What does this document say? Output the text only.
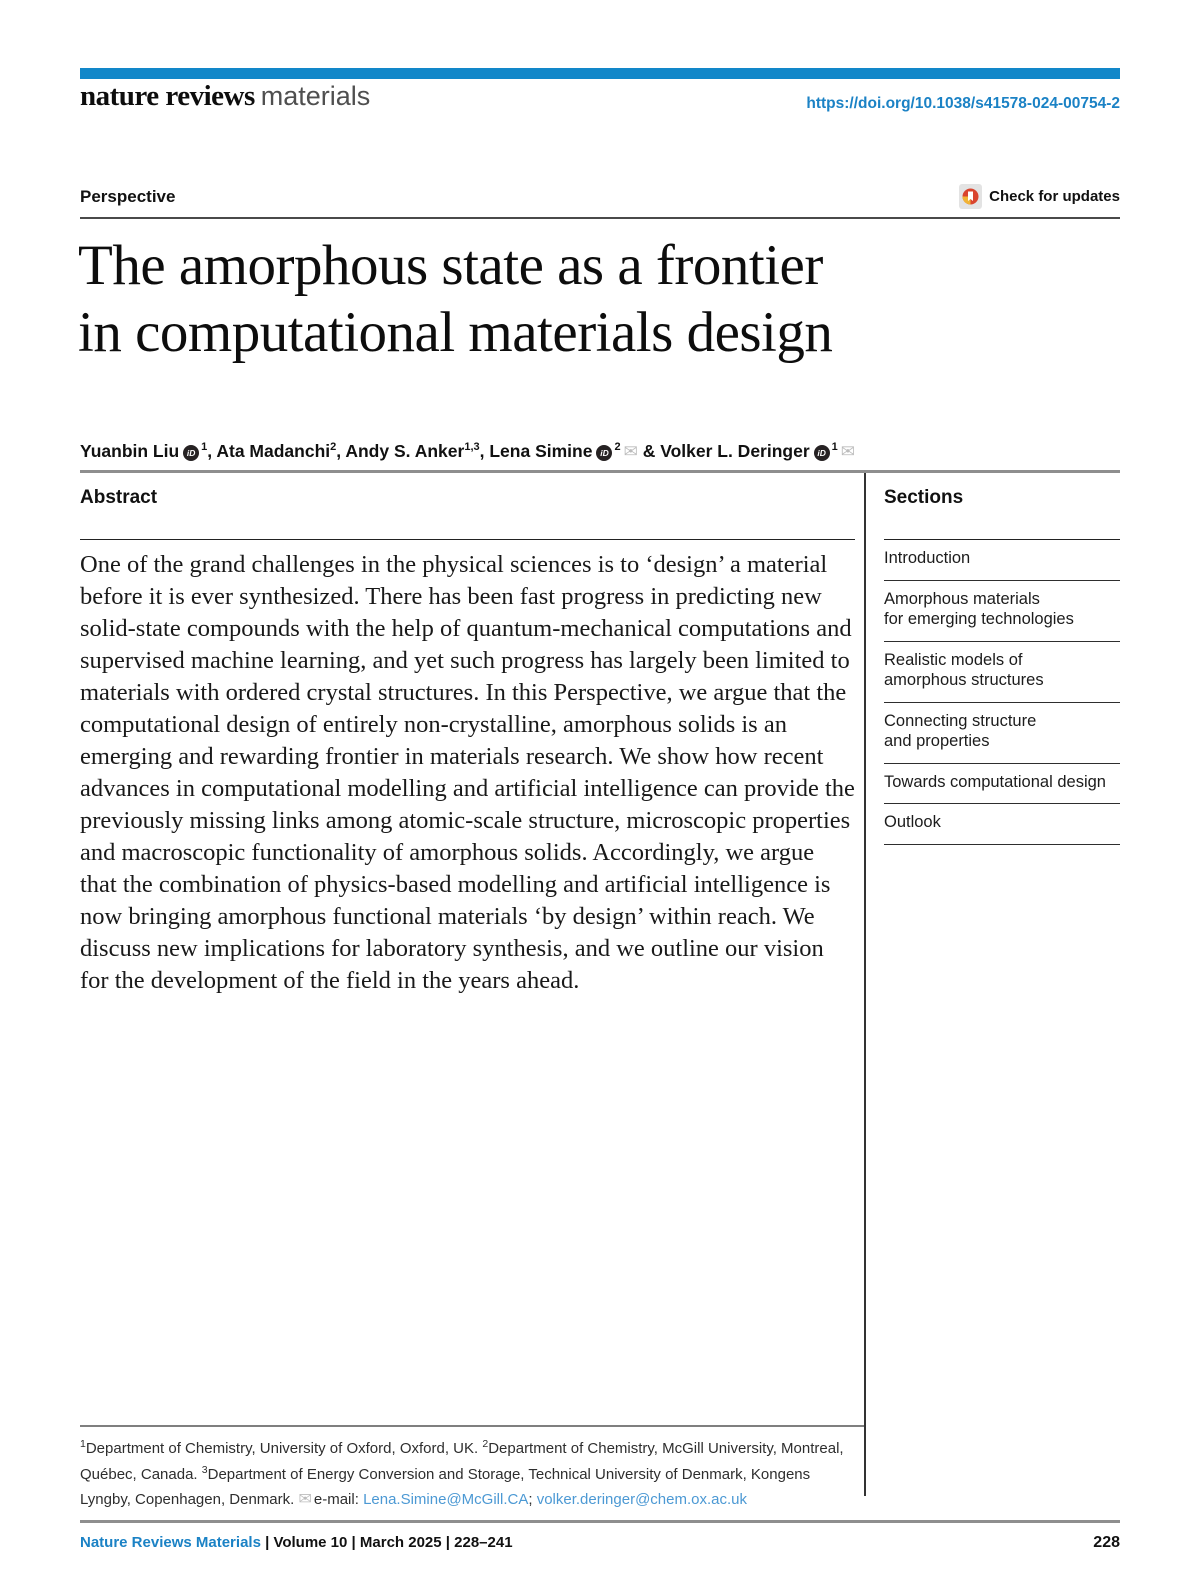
nature reviews materials	https://doi.org/10.1038/s41578-024-00754-2
Perspective	Check for updates
The amorphous state as a frontier
in computational materials design
Yuanbin Liu iD $^1$, Ata Madanchi$^2$, Andy S. Anker$^{1,3}$, Lena Simine iD $^2$ ✉ & Volker L. Deringer iD $^1$ ✉
Abstract

One of the grand challenges in the physical sciences is to ‘design’ a material before it is ever synthesized. There has been fast progress in predicting new solid-state compounds with the help of quantum-mechanical computations and supervised machine learning, and yet such progress has largely been limited to materials with ordered crystal structures. In this Perspective, we argue that the computational design of entirely non-crystalline, amorphous solids is an emerging and rewarding frontier in materials research. We show how recent advances in computational modelling and artificial intelligence can provide the previously missing links among atomic-scale structure, microscopic properties and macroscopic functionality of amorphous solids. Accordingly, we argue that the combination of physics-based modelling and artificial intelligence is now bringing amorphous functional materials ‘by design’ within reach. We discuss new implications for laboratory synthesis, and we outline our vision for the development of the field in the years ahead.

$^1$Department of Chemistry, University of Oxford, Oxford, UK. $^2$Department of Chemistry, McGill University, Montreal, Québec, Canada. $^3$Department of Energy Conversion and Storage, Technical University of Denmark, Kongens Lyngby, Copenhagen, Denmark. ✉ e-mail: Lena.Simine@McGill.CA; volker.deringer@chem.ox.ac.uk
Sections
Introduction
Amorphous materials
for emerging technologies
Realistic models of
amorphous structures
Connecting structure
and properties
Towards computational design
Outlook
Nature Reviews Materials | Volume 10 | March 2025 | 228–241	228
